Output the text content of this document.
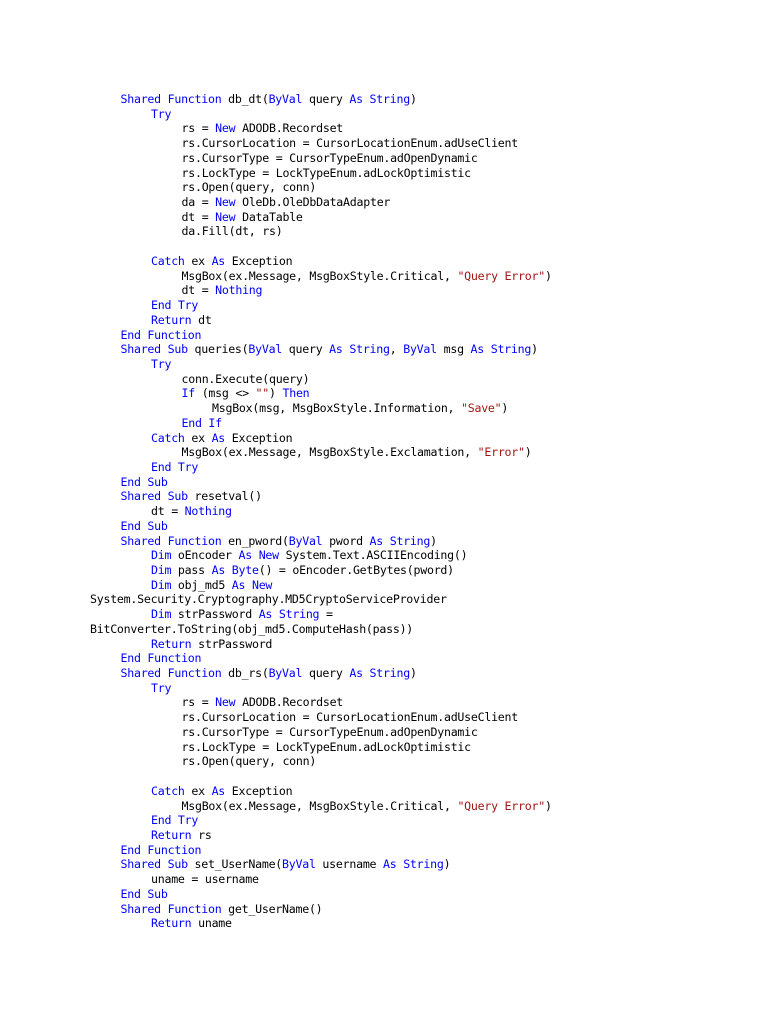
Shared Function db_dt(ByVal query As String)
Try
rs = New ADODB.Recordset
rs.CursorLocation = CursorLocationEnum.adUseClient
rs.CursorType = CursorTypeEnum.adOpenDynamic
rs.LockType = LockTypeEnum.adLockOptimistic
rs.Open(query, conn)
da = New OleDb.OleDbDataAdapter
dt = New DataTable
da.Fill(dt, rs)
Catch ex As Exception
MsgBox(ex.Message, MsgBoxStyle.Critical, "Query Error")
dt = Nothing
End Try
Return dt
End Function
Shared Sub queries(ByVal query As String, ByVal msg As String)
Try
conn.Execute(query)
If (msg <> "") Then
MsgBox(msg, MsgBoxStyle.Information, "Save")
End If
Catch ex As Exception
MsgBox(ex.Message, MsgBoxStyle.Exclamation, "Error")
End Try
End Sub
Shared Sub resetval()
dt = Nothing
End Sub
Shared Function en_pword(ByVal pword As String)
Dim oEncoder As New System.Text.ASCIIEncoding()
Dim pass As Byte() = oEncoder.GetBytes(pword)
Dim obj_md5 As New
System.Security.Cryptography.MD5CryptoServiceProvider
Dim strPassword As String =
BitConverter.ToString(obj_md5.ComputeHash(pass))
Return strPassword
End Function
Shared Function db_rs(ByVal query As String)
Try
rs = New ADODB.Recordset
rs.CursorLocation = CursorLocationEnum.adUseClient
rs.CursorType = CursorTypeEnum.adOpenDynamic
rs.LockType = LockTypeEnum.adLockOptimistic
rs.Open(query, conn)
Catch ex As Exception
MsgBox(ex.Message, MsgBoxStyle.Critical, "Query Error")
End Try
Return rs
End Function
Shared Sub set_UserName(ByVal username As String)
uname = username
End Sub
Shared Function get_UserName()
Return uname
